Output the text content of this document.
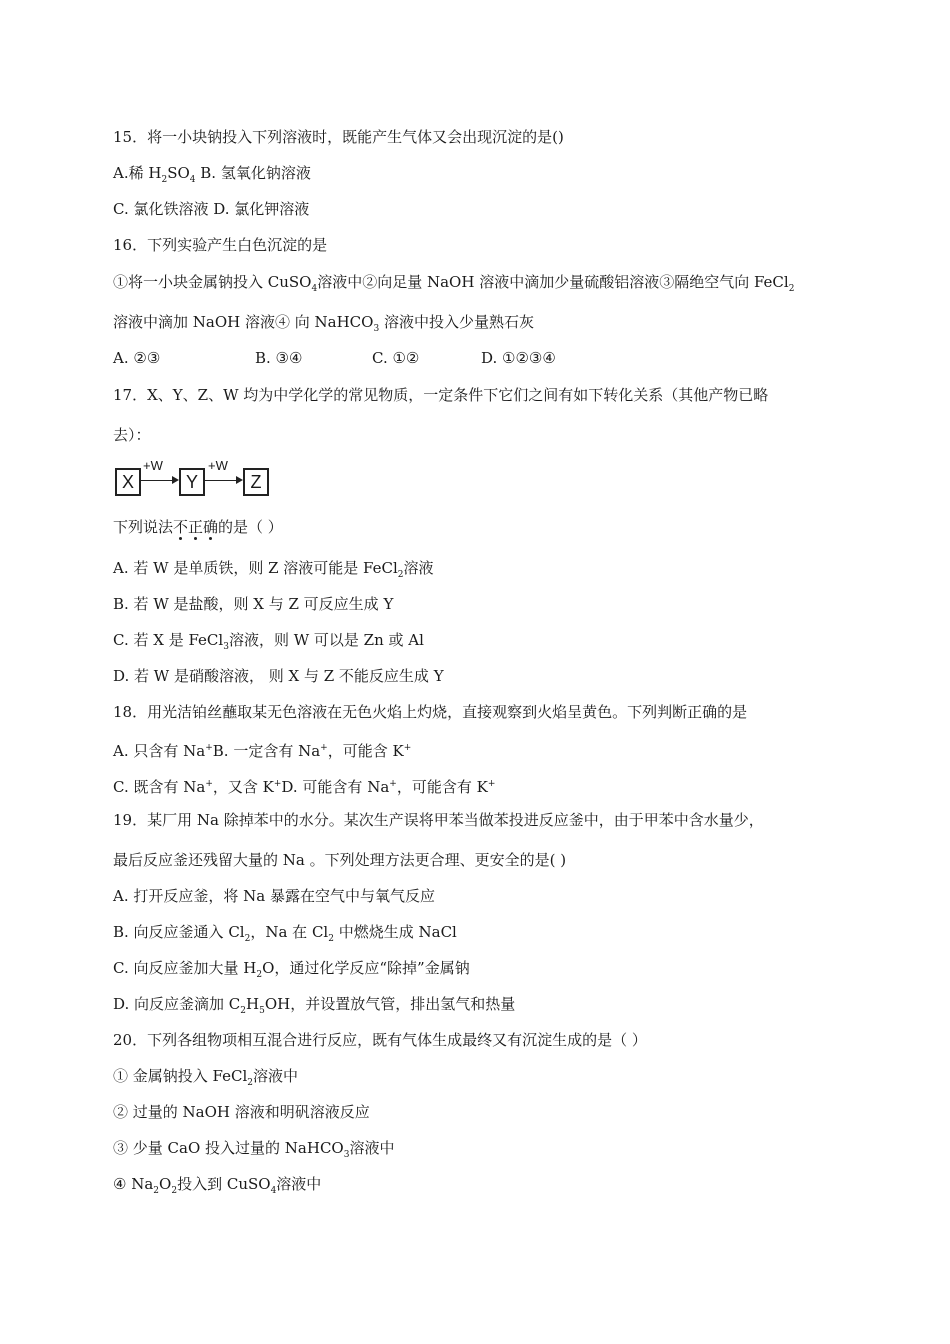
15．将一小块钠投入下列溶液时，既能产生气体又会出现沉淀的是()
A.稀 $H_2SO_4$ B. 氢氧化钠溶液
C. 氯化铁溶液 D. 氯化钾溶液
16．下列实验产生白色沉淀的是
①将一小块金属钠投入 CuSO$_4$溶液中②向足量 NaOH 溶液中滴加少量硫酸铝溶液③隔绝空气向 FeCl$_2$
溶液中滴加 NaOH 溶液④ 向 NaHCO$_3$ 溶液中投入少量熟石灰
A. ②③	B. ③④	C. ①②	D. ①②③④
17．X、Y、Z、W 均为中学化学的常见物质，一定条件下它们之间有如下转化关系（其他产物已略
去）：
X
+W
Y
+W
Z
下列说法不正确
的是（ ）
A. 若 W 是单质铁，则 Z 溶液可能是 FeCl$_2$溶液
B. 若 W 是盐酸，则 X 与 Z 可反应生成 Y
C. 若 X 是 FeCl$_3$溶液，则 W 可以是 Zn 或 Al
D. 若 W 是硝酸溶液， 则 X 与 Z 不能反应生成 Y
18．用光洁铂丝蘸取某无色溶液在无色火焰上灼烧，直接观察到火焰呈黄色。下列判断正确的是
A. 只含有 Na+B. 一定含有 Na+，可能含 K+
C. 既含有 Na+，又含 K+D. 可能含有 Na+，可能含有 K+
19．某厂用 Na 除掉苯中的水分。某次生产误将甲苯当做苯投进反应釜中，由于甲苯中含水量少，
最后反应釜还残留大量的 Na 。下列处理方法更合理、更安全的是( )
A. 打开反应釜，将 Na 暴露在空气中与氧气反应
B. 向反应釜通入 $Cl_2$，Na 在 $Cl_2$ 中燃烧生成 NaCl
C. 向反应釜加大量 $H_2O$，通过化学反应“除掉”金属钠
D. 向反应釜滴加 $C_2H_5OH$，并设置放气管，排出氢气和热量
20．下列各组物项相互混合进行反应，既有气体生成最终又有沉淀生成的是（ ）
① 金属钠投入 FeCl$_2$溶液中
② 过量的 NaOH 溶液和明矾溶液反应
③ 少量 CaO 投入过量的 NaHCO$_3$溶液中
④ $Na_2O_2$投入到 CuSO$_4$溶液中
